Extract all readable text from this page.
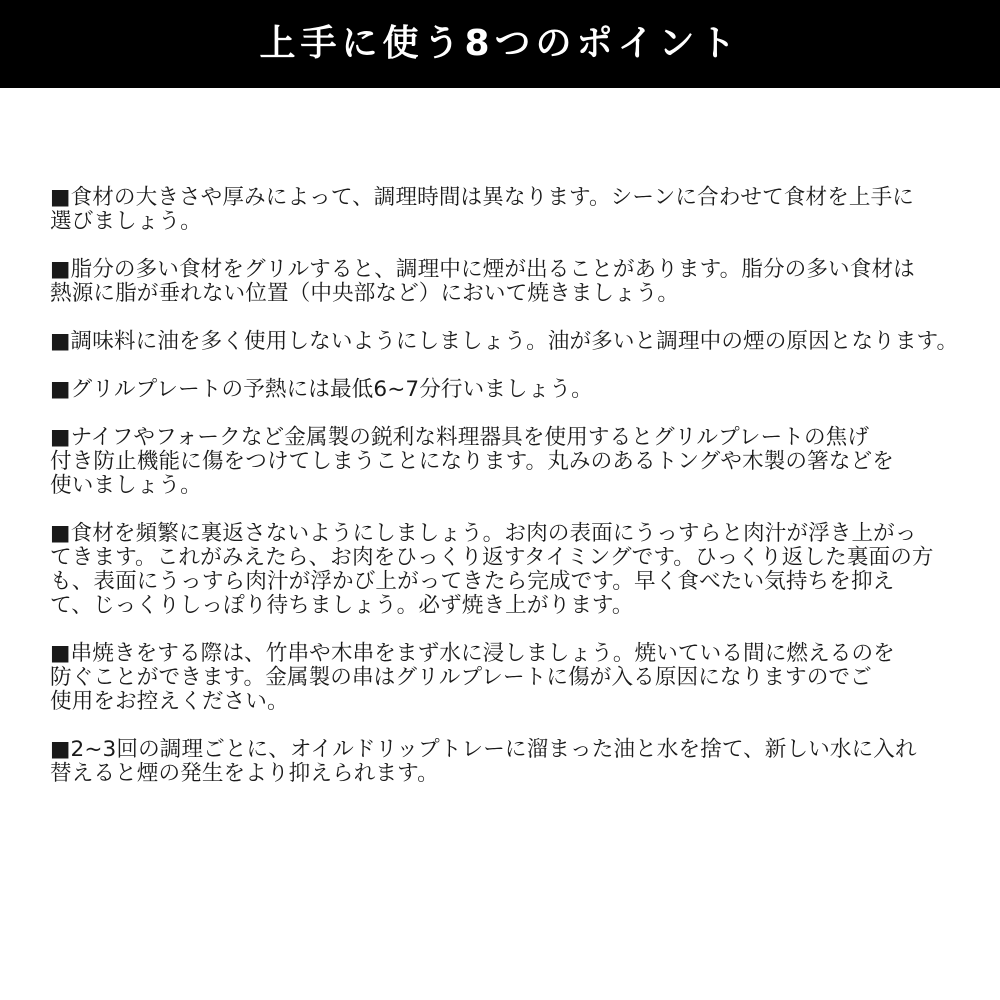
上手に使う8つのポイント

■食材の大きさや厚みによって、調理時間は異なります。シーンに合わせて食材を上手に
選びましょう。

■脂分の多い食材をグリルすると、調理中に煙が出ることがあります。脂分の多い食材は
熱源に脂が垂れない位置（中央部など）において焼きましょう。

■調味料に油を多く使用しないようにしましょう。油が多いと調理中の煙の原因となります。

■グリルプレートの予熱には最低6~7分行いましょう。

■ナイフやフォークなど金属製の鋭利な料理器具を使用するとグリルプレートの焦げ
付き防止機能に傷をつけてしまうことになります。丸みのあるトングや木製の箸などを
使いましょう。

■食材を頻繁に裏返さないようにしましょう。お肉の表面にうっすらと肉汁が浮き上がっ
てきます。これがみえたら、お肉をひっくり返すタイミングです。ひっくり返した裏面の方
も、表面にうっすら肉汁が浮かび上がってきたら完成です。早く食べたい気持ちを抑え
て、じっくりしっぽり待ちましょう。必ず焼き上がります。

■串焼きをする際は、竹串や木串をまず水に浸しましょう。焼いている間に燃えるのを
防ぐことができます。金属製の串はグリルプレートに傷が入る原因になりますのでご
使用をお控えください。

■2~3回の調理ごとに、オイルドリップトレーに溜まった油と水を捨て、新しい水に入れ
替えると煙の発生をより抑えられます。
